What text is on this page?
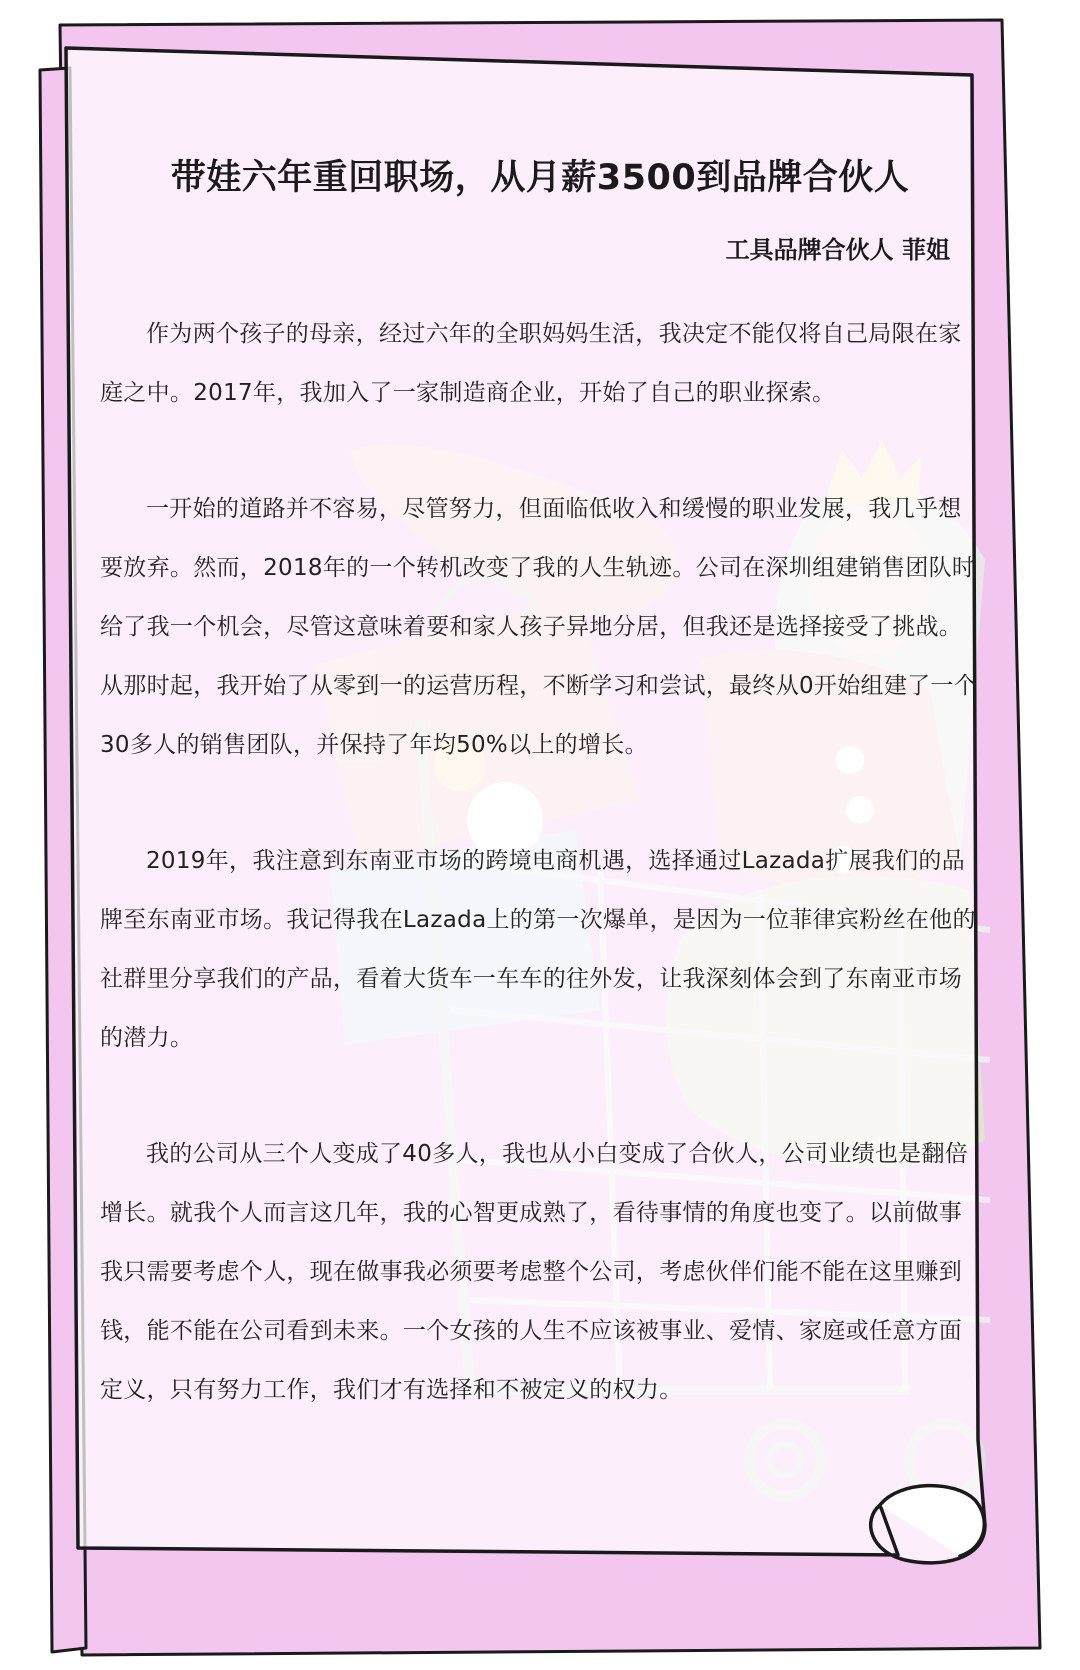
带娃六年重回职场，从月薪3500到品牌合伙人
工具品牌合伙人 菲姐

作为两个孩子的母亲，经过六年的全职妈妈生活，我决定不能仅将自己局限在家庭之中。2017年，我加入了一家制造商企业，开始了自己的职业探索。

一开始的道路并不容易，尽管努力，但面临低收入和缓慢的职业发展，我几乎想要放弃。然而，2018年的一个转机改变了我的人生轨迹。公司在深圳组建销售团队时给了我一个机会，尽管这意味着要和家人孩子异地分居，但我还是选择接受了挑战。从那时起，我开始了从零到一的运营历程，不断学习和尝试，最终从0开始组建了一个30多人的销售团队，并保持了年均50%以上的增长。

2019年，我注意到东南亚市场的跨境电商机遇，选择通过Lazada扩展我们的品牌至东南亚市场。我记得我在Lazada上的第一次爆单，是因为一位菲律宾粉丝在他的社群里分享我们的产品，看着大货车一车车的往外发，让我深刻体会到了东南亚市场的潜力。

我的公司从三个人变成了40多人，我也从小白变成了合伙人，公司业绩也是翻倍增长。就我个人而言这几年，我的心智更成熟了，看待事情的角度也变了。以前做事我只需要考虑个人，现在做事我必须要考虑整个公司，考虑伙伴们能不能在这里赚到钱，能不能在公司看到未来。一个女孩的人生不应该被事业、爱情、家庭或任意方面定义，只有努力工作，我们才有选择和不被定义的权力。
